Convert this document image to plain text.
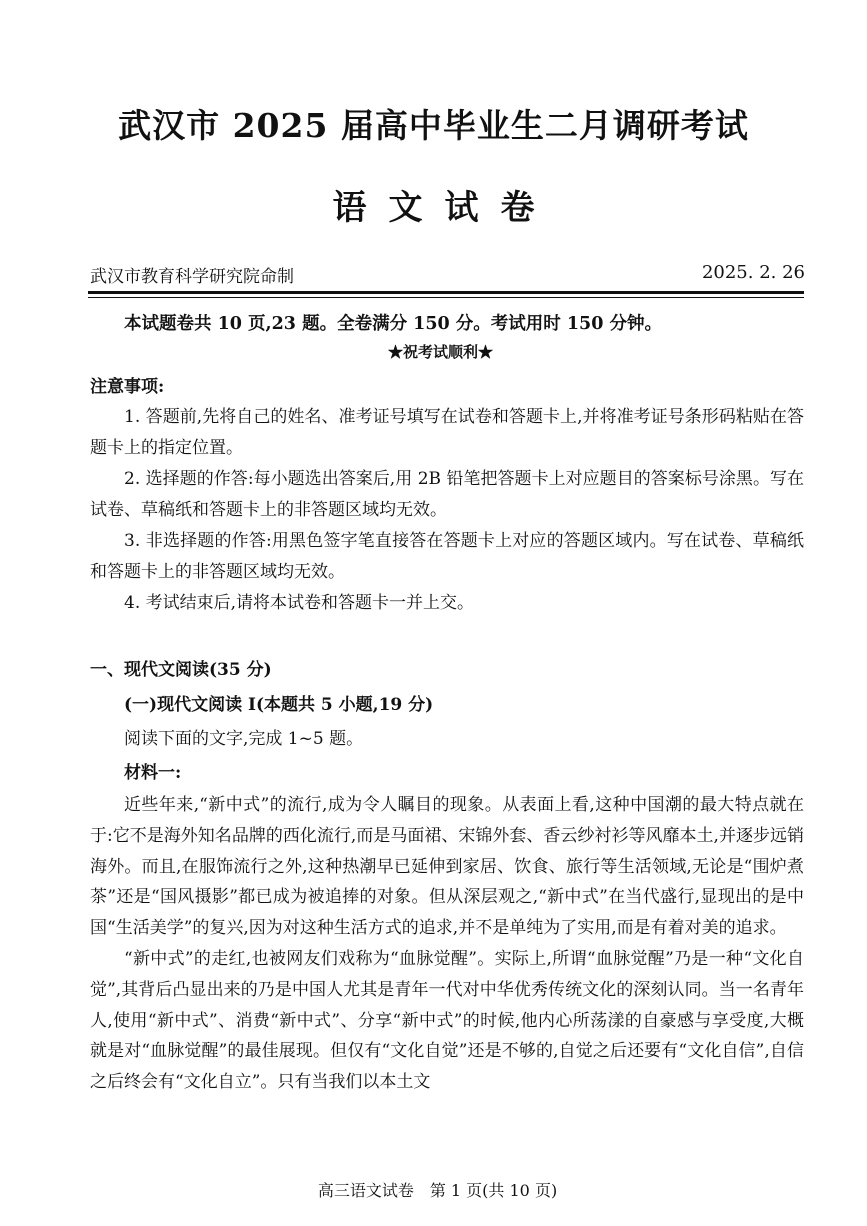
武汉市 2025 届高中毕业生二月调研考试
语文试卷
武汉市教育科学研究院命制	2025. 2. 26
本试题卷共 10 页,23 题。全卷满分 150 分。考试用时 150 分钟。
★祝考试顺利★
注意事项:

1. 答题前,先将自己的姓名、准考证号填写在试卷和答题卡上,并将准考证号条形码粘贴在答题卡上的指定位置。

2. 选择题的作答:每小题选出答案后,用 2B 铅笔把答题卡上对应题目的答案标号涂黑。写在试卷、草稿纸和答题卡上的非答题区域均无效。

3. 非选择题的作答:用黑色签字笔直接答在答题卡上对应的答题区域内。写在试卷、草稿纸和答题卡上的非答题区域均无效。

4. 考试结束后,请将本试卷和答题卡一并上交。

一、现代文阅读(35 分)
(一)现代文阅读 I(本题共 5 小题,19 分)
阅读下面的文字,完成 1~5 题。
材料一:

近些年来,“新中式”的流行,成为令人瞩目的现象。从表面上看,这种中国潮的最大特点就在于:它不是海外知名品牌的西化流行,而是马面裙、宋锦外套、香云纱衬衫等风靡本土,并逐步远销海外。而且,在服饰流行之外,这种热潮早已延伸到家居、饮食、旅行等生活领域,无论是“围炉煮茶”还是“国风摄影”都已成为被追捧的对象。但从深层观之,“新中式”在当代盛行,显现出的是中国“生活美学”的复兴,因为对这种生活方式的追求,并不是单纯为了实用,而是有着对美的追求。

“新中式”的走红,也被网友们戏称为“血脉觉醒”。实际上,所谓“血脉觉醒”乃是一种“文化自觉”,其背后凸显出来的乃是中国人尤其是青年一代对中华优秀传统文化的深刻认同。当一名青年人,使用“新中式”、消费“新中式”、分享“新中式”的时候,他内心所荡漾的自豪感与享受度,大概就是对“血脉觉醒”的最佳展现。但仅有“文化自觉”还是不够的,自觉之后还要有“文化自信”,自信之后终会有“文化自立”。只有当我们以本土文

高三语文试卷　第 1 页(共 10 页)
